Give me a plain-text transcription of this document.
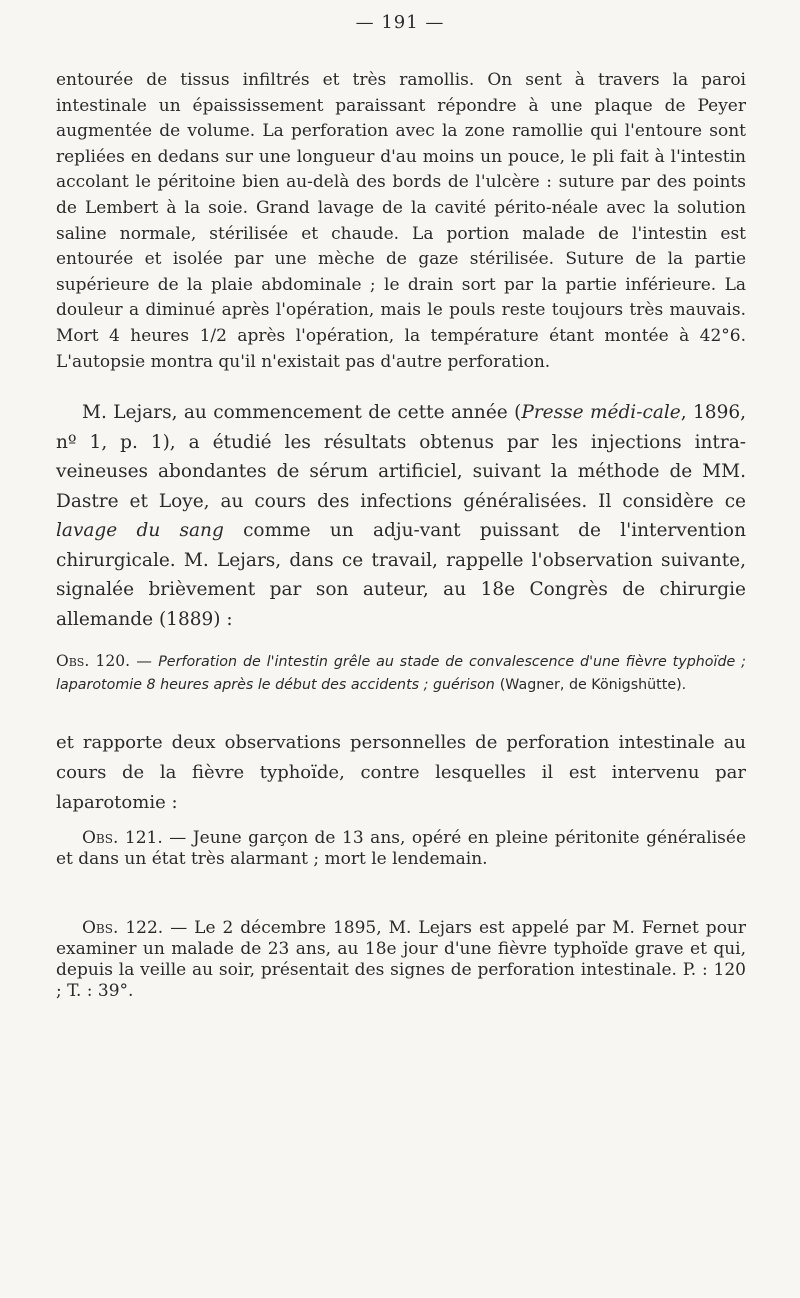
— 191 —

entourée de tissus infiltrés et très ramollis. On sent à travers la paroi intestinale un épaississement paraissant répondre à une plaque de Peyer augmentée de volume. La perforation avec la zone ramollie qui l'entoure sont repliées en dedans sur une longueur d'au moins un pouce, le pli fait à l'intestin accolant le péritoine bien au-delà des bords de l'ulcère : suture par des points de Lembert à la soie. Grand lavage de la cavité périto-néale avec la solution saline normale, stérilisée et chaude. La portion malade de l'intestin est entourée et isolée par une mèche de gaze stérilisée. Suture de la partie supérieure de la plaie abdominale ; le drain sort par la partie inférieure. La douleur a diminué après l'opération, mais le pouls reste toujours très mauvais. Mort 4 heures 1/2 après l'opération, la température étant montée à 42°6. L'autopsie montra qu'il n'existait pas d'autre perforation.

M. Lejars, au commencement de cette année (Presse médi-cale, 1896, nº 1, p. 1), a étudié les résultats obtenus par les injections intra-veineuses abondantes de sérum artificiel, suivant la méthode de MM. Dastre et Loye, au cours des infections généralisées. Il considère ce lavage du sang comme un adju-vant puissant de l'intervention chirurgicale. M. Lejars, dans ce travail, rappelle l'observation suivante, signalée brièvement par son auteur, au 18e Congrès de chirurgie allemande (1889) :

Obs. 120. — Perforation de l'intestin grêle au stade de convalescence d'une fièvre typhoïde ; laparotomie 8 heures après le début des accidents ; guérison (Wagner, de Königshütte).

et rapporte deux observations personnelles de perforation intestinale au cours de la fièvre typhoïde, contre lesquelles il est intervenu par laparotomie :

Obs. 121. — Jeune garçon de 13 ans, opéré en pleine péritonite généralisée et dans un état très alarmant ; mort le lendemain.

Obs. 122. — Le 2 décembre 1895, M. Lejars est appelé par M. Fernet pour examiner un malade de 23 ans, au 18e jour d'une fièvre typhoïde grave et qui, depuis la veille au soir, présentait des signes de perforation intestinale. P. : 120 ; T. : 39°.
